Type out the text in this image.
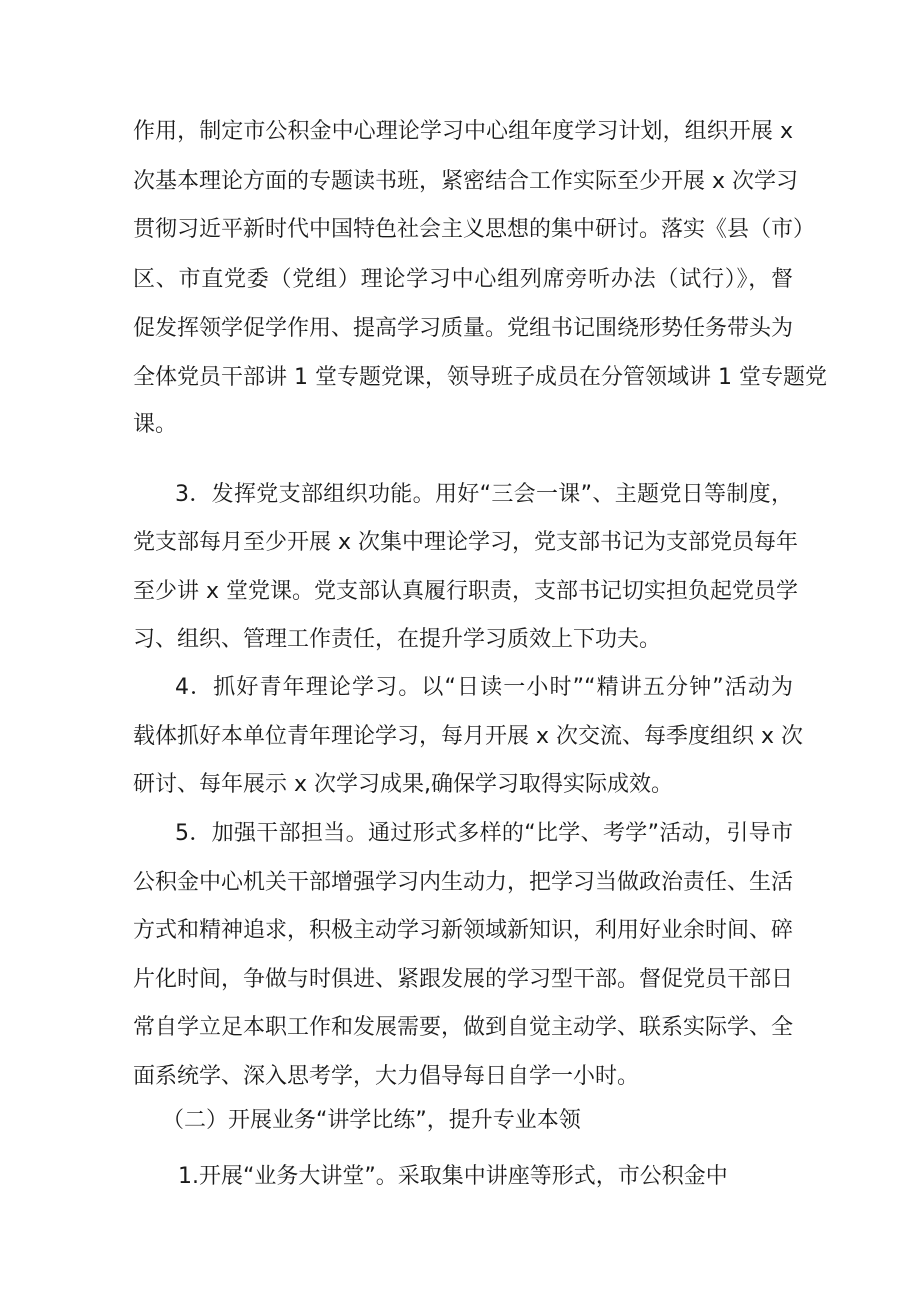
作用，制定市公积金中心理论学习中心组年度学习计划，组织开展 x
次基本理论方面的专题读书班，紧密结合工作实际至少开展 x 次学习
贯彻习近平新时代中国特色社会主义思想的集中研讨。落实《县（市）
区、市直党委（党组）理论学习中心组列席旁听办法（试行）》，督
促发挥领学促学作用、提高学习质量。党组书记围绕形势任务带头为
全体党员干部讲 1 堂专题党课，领导班子成员在分管领域讲 1 堂专题党
课。
3．发挥党支部组织功能。用好“三会一课”、主题党日等制度，
党支部每月至少开展 x 次集中理论学习，党支部书记为支部党员每年
至少讲 x 堂党课。党支部认真履行职责，支部书记切实担负起党员学
习、组织、管理工作责任，在提升学习质效上下功夫。
4．抓好青年理论学习。以“日读一小时”“精讲五分钟”活动为
载体抓好本单位青年理论学习，每月开展 x 次交流、每季度组织 x 次
研讨、每年展示 x 次学习成果,确保学习取得实际成效。
5．加强干部担当。通过形式多样的“比学、考学”活动，引导市
公积金中心机关干部增强学习内生动力，把学习当做政治责任、生活
方式和精神追求，积极主动学习新领域新知识，利用好业余时间、碎
片化时间，争做与时俱进、紧跟发展的学习型干部。督促党员干部日
常自学立足本职工作和发展需要，做到自觉主动学、联系实际学、全
面系统学、深入思考学，大力倡导每日自学一小时。
（二）开展业务“讲学比练”，提升专业本领
1.开展“业务大讲堂”。采取集中讲座等形式，市公积金中
